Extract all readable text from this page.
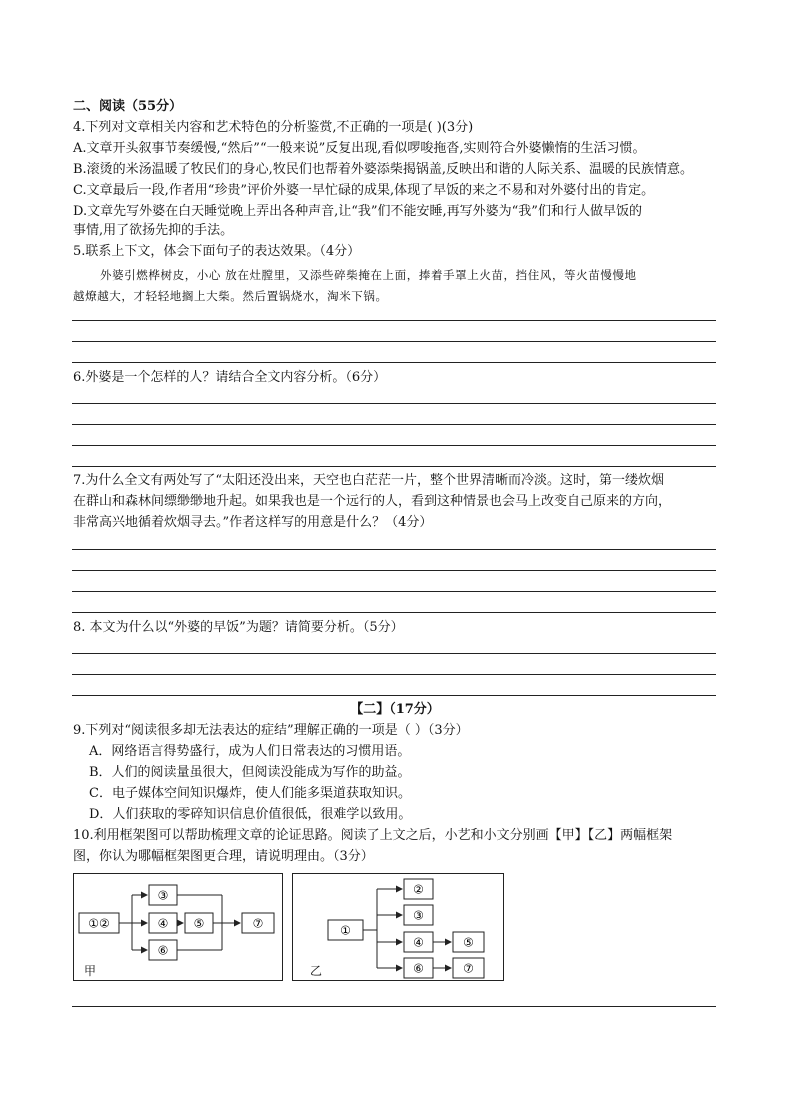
二、阅读（55分）
4.下列对文章相关内容和艺术特色的分析鉴赏,不正确的一项是( )(3分)
A.文章开头叙事节奏缓慢,“然后”“一般来说”反复出现,看似啰唆拖沓,实则符合外婆懒惰的生活习惯。
B.滚烫的米汤温暖了牧民们的身心,牧民们也帮着外婆添柴揭锅盖,反映出和谐的人际关系、温暖的民族情意。
C.文章最后一段,作者用“珍贵”评价外婆一早忙碌的成果,体现了早饭的来之不易和对外婆付出的肯定。
D.文章先写外婆在白天睡觉晚上弄出各种声音,让“我”们不能安睡,再写外婆为“我”们和行人做早饭的
事情,用了欲扬先抑的手法。
5.联系上下文，体会下面句子的表达效果。（4分）
外婆引燃桦树皮，小心 放在灶膛里，又添些碎柴掩在上面，捧着手罩上火苗，挡住风，等火苗慢慢地
越燎越大，才轻轻地搁上大柴。然后置锅烧水，淘米下锅。
6.外婆是一个怎样的人？请结合全文内容分析。（6分）
7.为什么全文有两处写了“太阳还没出来，天空也白茫茫一片，整个世界清晰而冷淡。这时，第一缕炊烟
在群山和森林间缥缈缈地升起。如果我也是一个远行的人，看到这种情景也会马上改变自己原来的方向，
非常高兴地循着炊烟寻去。”作者这样写的用意是什么？（4分）
8. 本文为什么以“外婆的早饭”为题？请简要分析。（5分）
【二】（17分）
9.下列对“阅读很多却无法表达的症结”理解正确的一项是（ ）（3分）
A．网络语言得势盛行，成为人们日常表达的习惯用语。
B．人们的阅读量虽很大，但阅读没能成为写作的助益。
C．电子媒体空间知识爆炸，使人们能多渠道获取知识。
D．人们获取的零碎知识信息价值很低，很难学以致用。
10.利用框架图可以帮助梳理文章的论证思路。阅读了上文之后，小艺和小文分别画【甲】【乙】两幅框架
图，你认为哪幅框架图更合理，请说明理由。（3分）
①②
③
④ ⑤
⑥
⑦
甲
①
②
③
④	⑤
⑥	⑦
乙
